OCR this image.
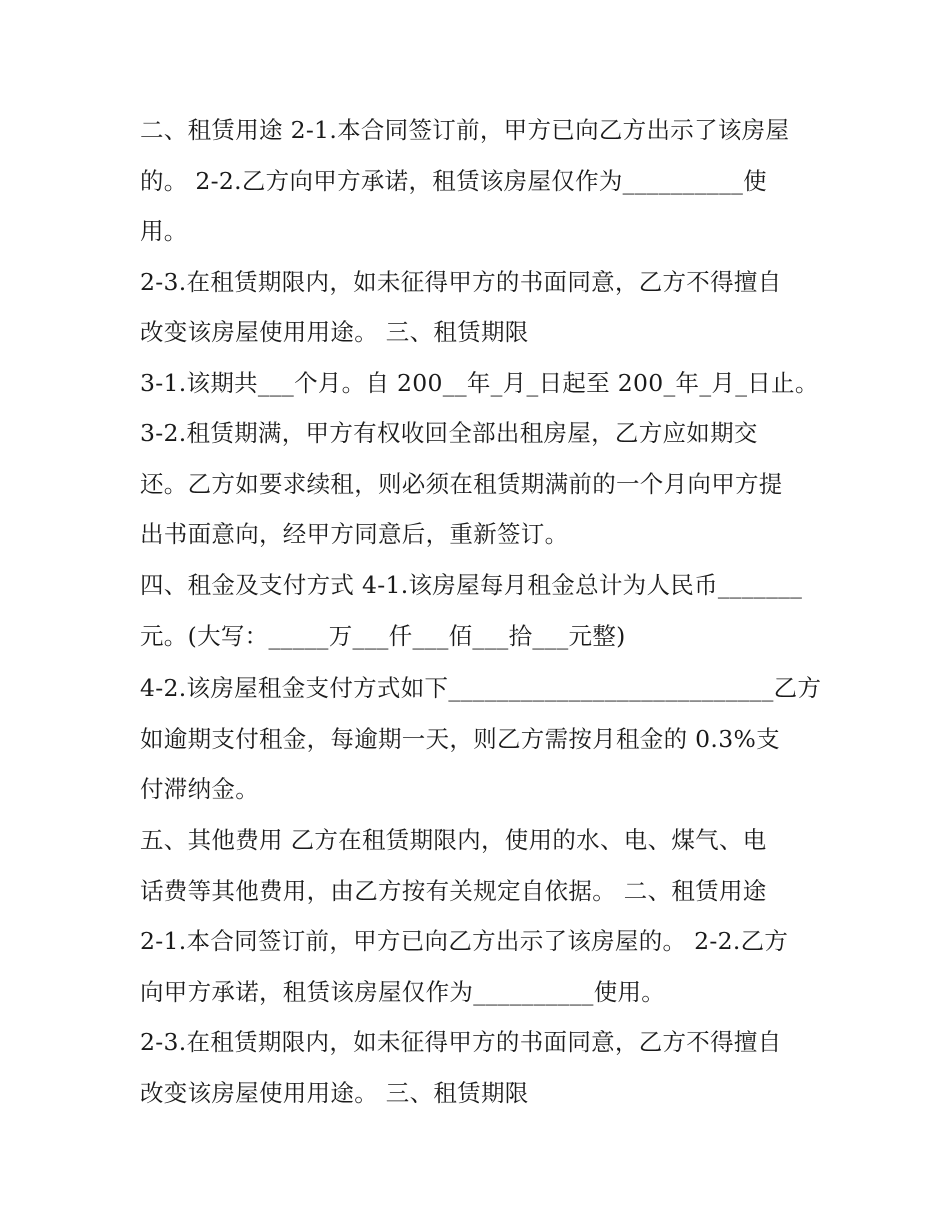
二、租赁用途 2-1.本合同签订前，甲方已向乙方出示了该房屋
的。 2-2.乙方向甲方承诺，租赁该房屋仅作为__________使
用。
2-3.在租赁期限内，如未征得甲方的书面同意，乙方不得擅自
改变该房屋使用用途。 三、租赁期限
3-1.该期共___个月。自 200__年_月_日起至 200_年_月_日止。
3-2.租赁期满，甲方有权收回全部出租房屋，乙方应如期交
还。乙方如要求续租，则必须在租赁期满前的一个月向甲方提
出书面意向，经甲方同意后，重新签订。
四、租金及支付方式 4-1.该房屋每月租金总计为人民币_______
元。(大写：_____万___仟___佰___拾___元整)
4-2.该房屋租金支付方式如下___________________________乙方
如逾期支付租金，每逾期一天，则乙方需按月租金的 0.3%支
付滞纳金。
五、其他费用 乙方在租赁期限内，使用的水、电、煤气、电
话费等其他费用，由乙方按有关规定自依据。 二、租赁用途
2-1.本合同签订前，甲方已向乙方出示了该房屋的。 2-2.乙方
向甲方承诺，租赁该房屋仅作为__________使用。
2-3.在租赁期限内，如未征得甲方的书面同意，乙方不得擅自
改变该房屋使用用途。 三、租赁期限
